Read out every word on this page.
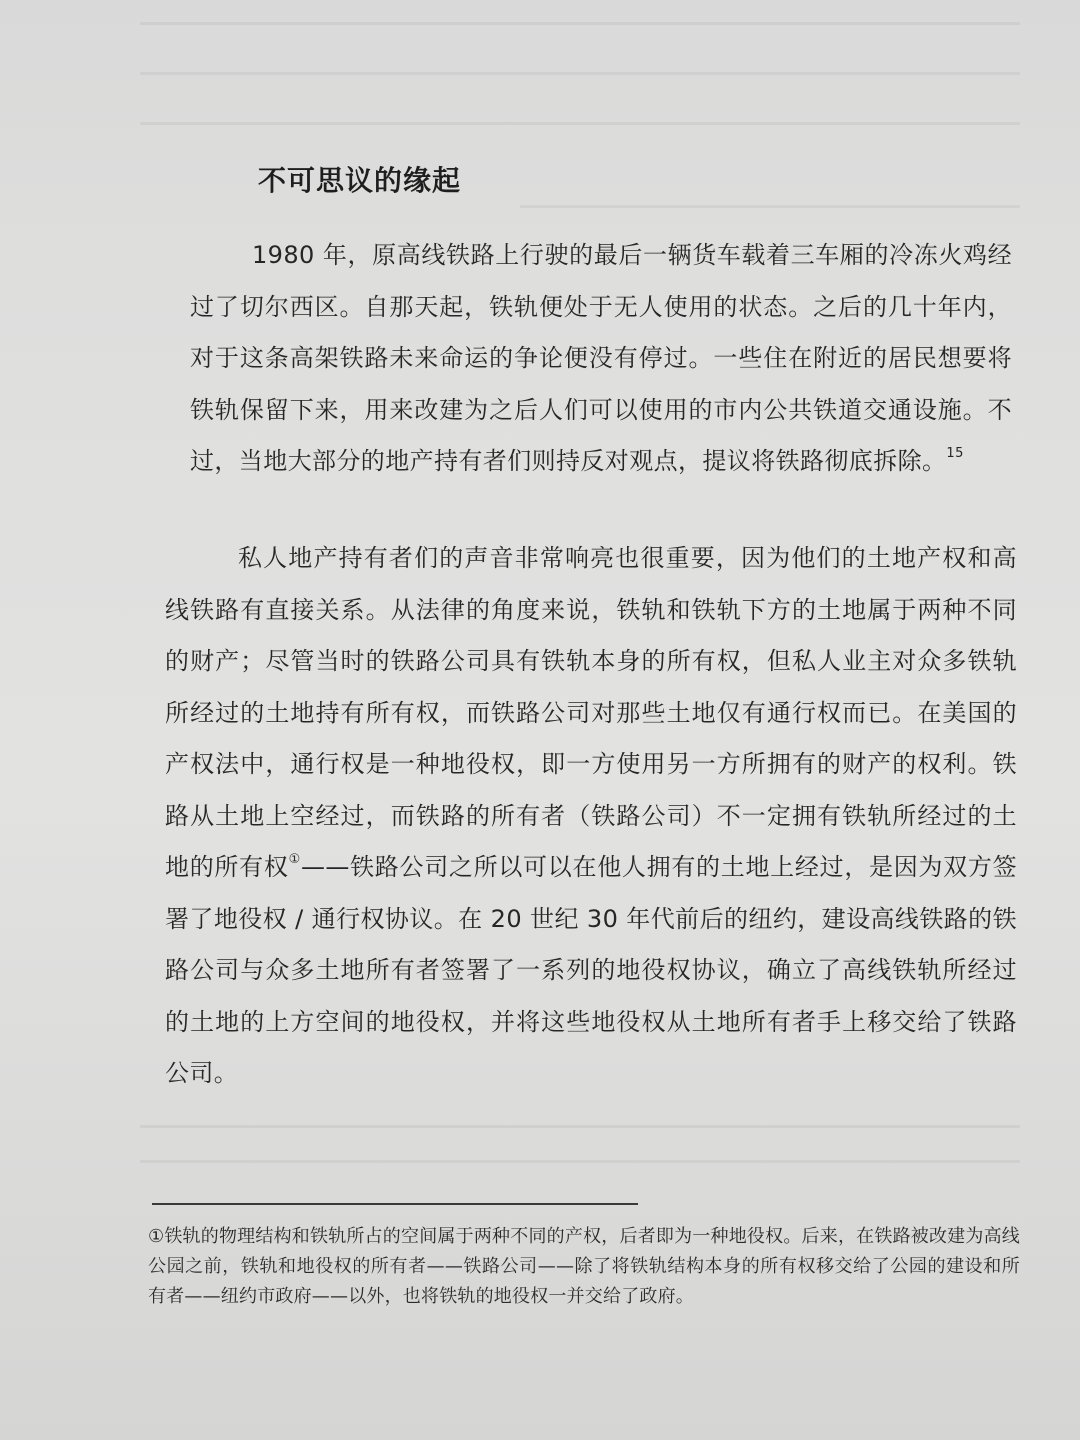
不可思议的缘起

1980 年，原高线铁路上行驶的最后一辆货车载着三车厢的冷冻火鸡经过了切尔西区。自那天起，铁轨便处于无人使用的状态。之后的几十年内，对于这条高架铁路未来命运的争论便没有停过。一些住在附近的居民想要将铁轨保留下来，用来改建为之后人们可以使用的市内公共铁道交通设施。不过，当地大部分的地产持有者们则持反对观点，提议将铁路彻底拆除。$^{15}$

私人地产持有者们的声音非常响亮也很重要，因为他们的土地产权和高线铁路有直接关系。从法律的角度来说，铁轨和铁轨下方的土地属于两种不同的财产；尽管当时的铁路公司具有铁轨本身的所有权，但私人业主对众多铁轨所经过的土地持有所有权，而铁路公司对那些土地仅有通行权而已。在美国的产权法中，通行权是一种地役权，即一方使用另一方所拥有的财产的权利。铁路从土地上空经过，而铁路的所有者（铁路公司）不一定拥有铁轨所经过的土地的所有权①——铁路公司之所以可以在他人拥有的土地上经过，是因为双方签署了地役权 / 通行权协议。在 20 世纪 30 年代前后的纽约，建设高线铁路的铁路公司与众多土地所有者签署了一系列的地役权协议，确立了高线铁轨所经过的土地的上方空间的地役权，并将这些地役权从土地所有者手上移交给了铁路公司。

①铁轨的物理结构和铁轨所占的空间属于两种不同的产权，后者即为一种地役权。后来，在铁路被改建为高线公园之前，铁轨和地役权的所有者——铁路公司——除了将铁轨结构本身的所有权移交给了公园的建设和所有者——纽约市政府——以外，也将铁轨的地役权一并交给了政府。
